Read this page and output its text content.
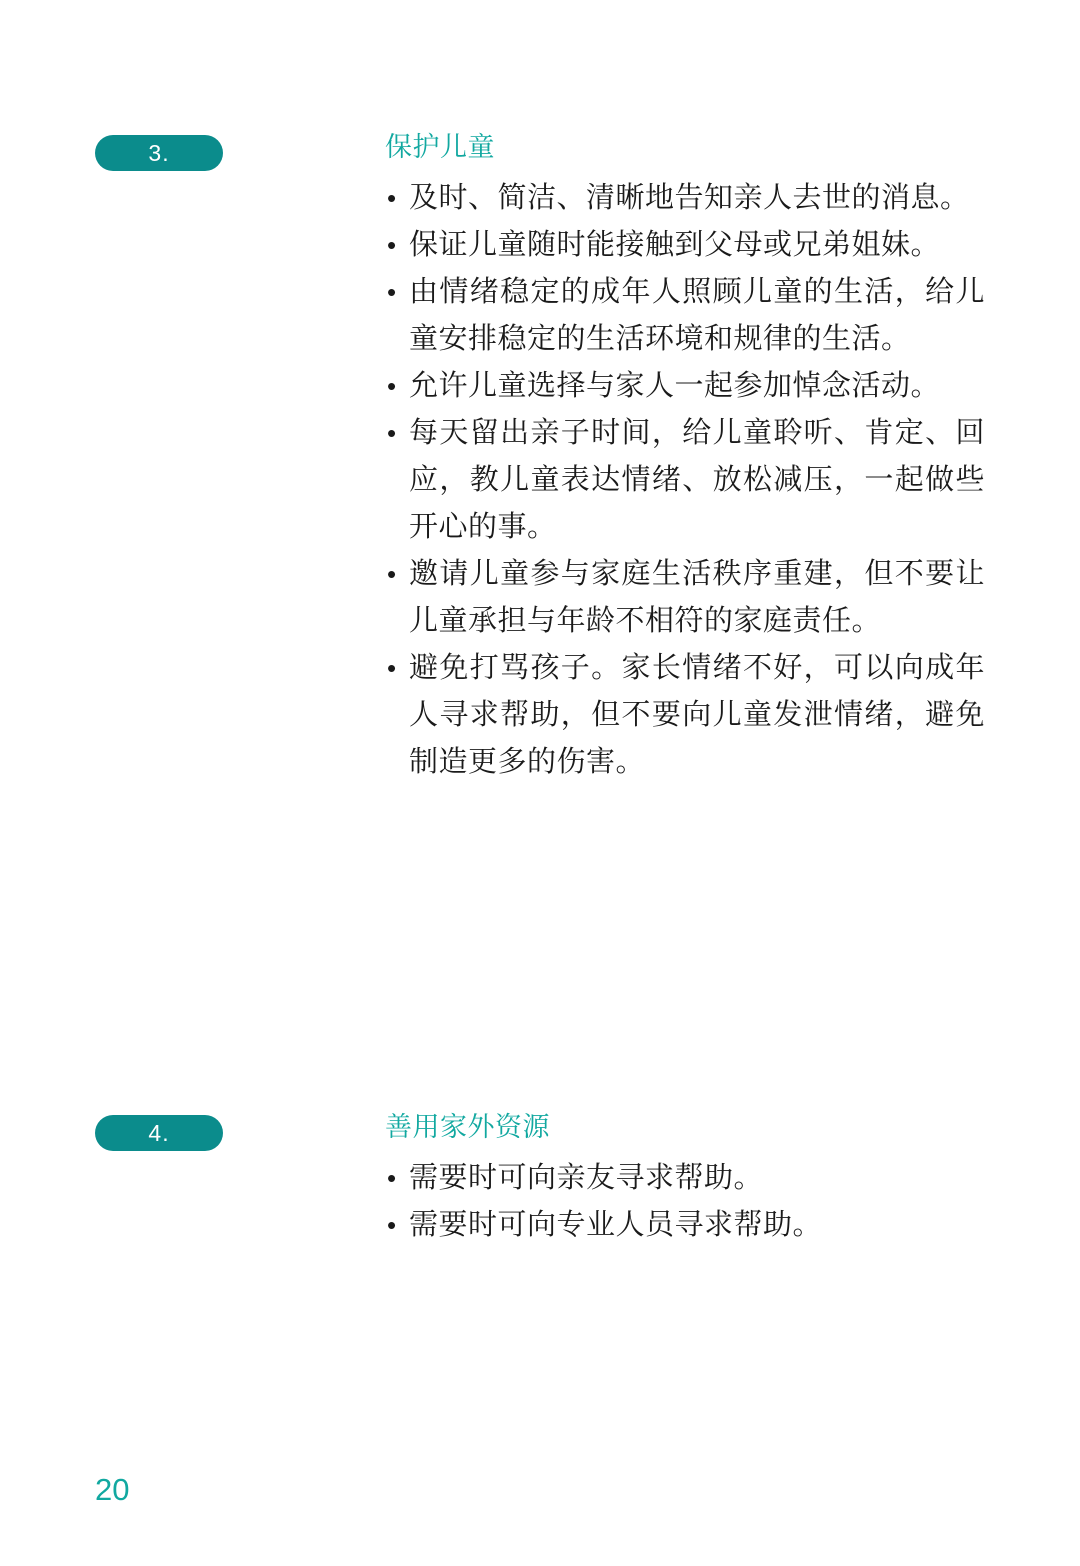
3.	保护儿童
• 及时、简洁、清晰地告知亲人去世的消息。
• 保证儿童随时能接触到父母或兄弟姐妹。
• 由情绪稳定的成年人照顾儿童的生活，给儿童安排稳定的生活环境和规律的生活。
• 允许儿童选择与家人一起参加悼念活动。
• 每天留出亲子时间，给儿童聆听、肯定、回应，教儿童表达情绪、放松减压，一起做些开心的事。
• 邀请儿童参与家庭生活秩序重建，但不要让儿童承担与年龄不相符的家庭责任。
• 避免打骂孩子。家长情绪不好，可以向成年人寻求帮助，但不要向儿童发泄情绪，避免制造更多的伤害。
4.	善用家外资源
• 需要时可向亲友寻求帮助。
• 需要时可向专业人员寻求帮助。
20
